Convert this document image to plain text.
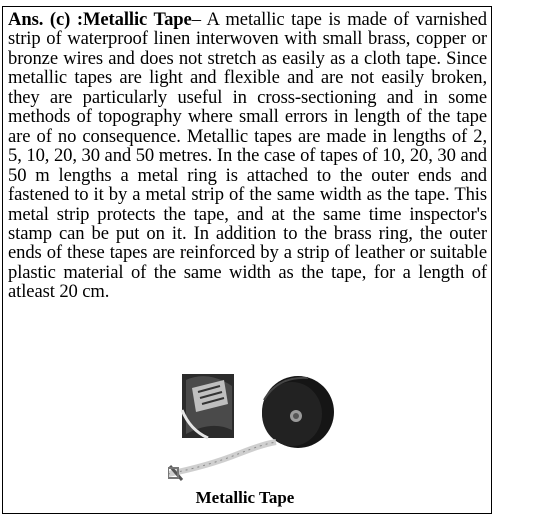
Ans. (c) :Metallic Tape– A metallic tape is made of varnished strip of waterproof linen interwoven with small brass, copper or bronze wires and does not stretch as easily as a cloth tape. Since metallic tapes are light and flexible and are not easily broken, they are particularly useful in cross-sectioning and in some methods of topography where small errors in length of the tape are of no consequence. Metallic tapes are made in lengths of 2, 5, 10, 20, 30 and 50 metres. In the case of tapes of 10, 20, 30 and 50 m lengths a metal ring is attached to the outer ends and fastened to it by a metal strip of the same width as the tape. This metal strip protects the tape, and at the same time inspector's stamp can be put on it. In addition to the brass ring, the outer ends of these tapes are reinforced by a strip of leather or suitable plastic material of the same width as the tape, for a length of atleast 20 cm.

Metallic Tape
